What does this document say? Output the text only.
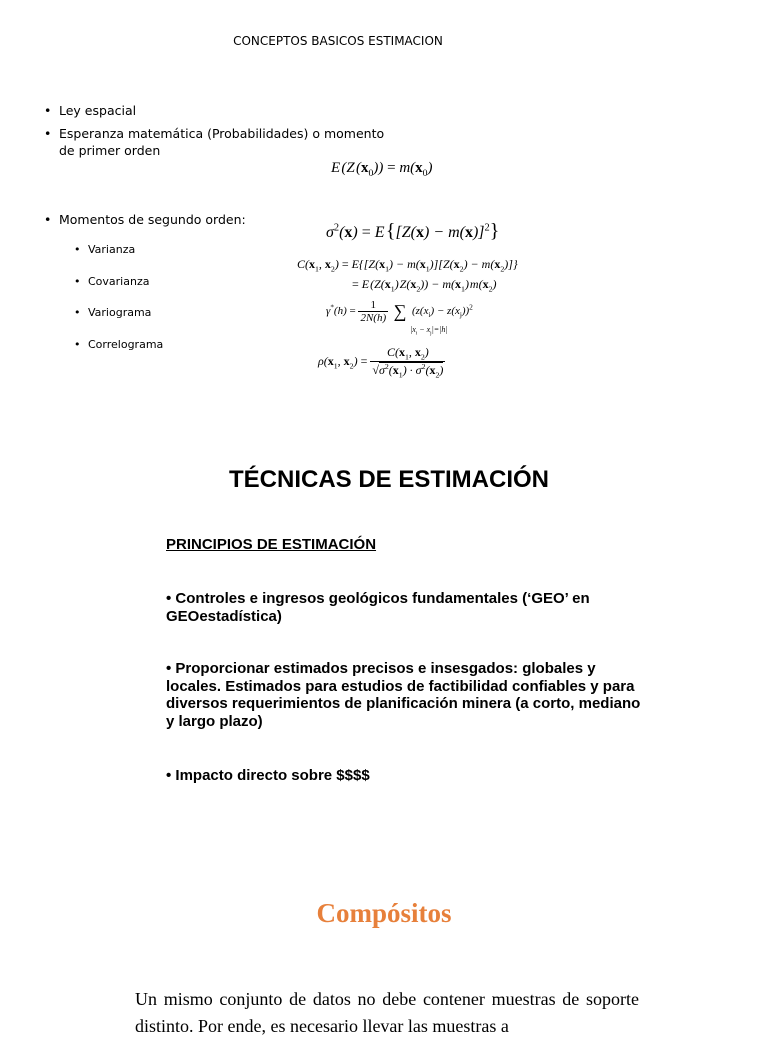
CONCEPTOS BASICOS ESTIMACION
• Ley espacial
• Esperanza matemática (Probabilidades) o momento
de primer orden
• Momentos de segundo orden:
• Varianza
• Covarianza
• Variograma
• Correlograma
E (Z $(x_0)) = m(x_0)$
$\sigma^2(x) = E$ $\{[Z(x) - m(x)]^2\}$
$C(x_1$, $x_2) = E\{[Z(x_1) - m(x_1)][Z(x_2) - m(x_2)]\}$
= E ($Z(x_1)$ $Z(x_2)) - m(x_1)$ $m(x_2)$
$\gamma^*(h) = \frac{1}{2N(h)}$ ∑  $(z(x_i) - z(x_j))^2$
$|x_i - x_j|=|h|$
$\rho(x_1$, $x_2) = \frac{C(x_1, x_2)}{√\sigma^2(x_1) \cdot \sigma^2(x_2)}$
TÉCNICAS DE ESTIMACIÓN
PRINCIPIOS DE ESTIMACIÓN
• Controles e ingresos geológicos fundamentales (‘GEO’ en GEOestadística)
• Proporcionar estimados precisos e insesgados: globales y locales. Estimados para estudios de factibilidad confiables y para diversos requerimientos de planificación minera (a corto, mediano y largo plazo)
• Impacto directo sobre $$$$
Compósitos
Un mismo conjunto de datos no debe contener muestras de soporte distinto. Por ende, es necesario llevar las muestras a
